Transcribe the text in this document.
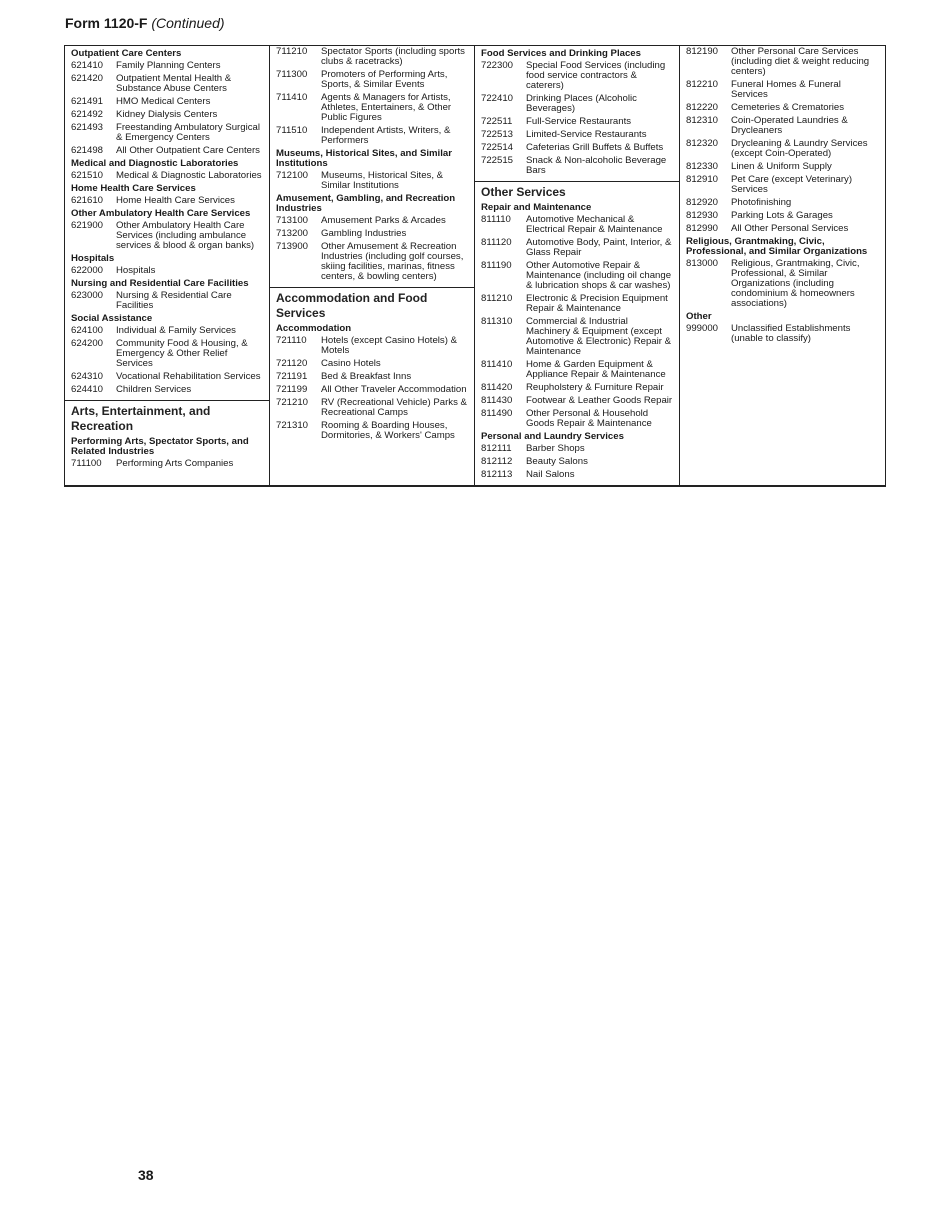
Form 1120-F (Continued)
Outpatient Care Centers
621410	Family Planning Centers
621420	Outpatient Mental Health & Substance Abuse Centers
621491	HMO Medical Centers
621492	Kidney Dialysis Centers
621493	Freestanding Ambulatory Surgical & Emergency Centers
621498	All Other Outpatient Care Centers
Medical and Diagnostic Laboratories
621510	Medical & Diagnostic Laboratories
Home Health Care Services
621610	Home Health Care Services
Other Ambulatory Health Care Services
621900	Other Ambulatory Health Care Services (including ambulance services & blood & organ banks)
Hospitals
622000	Hospitals
Nursing and Residential Care Facilities
623000	Nursing & Residential Care Facilities
Social Assistance
624100	Individual & Family Services
624200	Community Food & Housing, & Emergency & Other Relief Services
624310	Vocational Rehabilitation Services
624410	Children Services
Arts, Entertainment, and Recreation
Performing Arts, Spectator Sports, and Related Industries
711100	Performing Arts Companies
711210	Spectator Sports (including sports clubs & racetracks)
711300	Promoters of Performing Arts, Sports, & Similar Events
711410	Agents & Managers for Artists, Athletes, Entertainers, & Other Public Figures
711510	Independent Artists, Writers, & Performers
Museums, Historical Sites, and Similar Institutions
712100	Museums, Historical Sites, & Similar Institutions
Amusement, Gambling, and Recreation Industries
713100	Amusement Parks & Arcades
713200	Gambling Industries
713900	Other Amusement & Recreation Industries (including golf courses, skiing facilities, marinas, fitness centers, & bowling centers)
Accommodation and Food Services
Accommodation
721110	Hotels (except Casino Hotels) & Motels
721120	Casino Hotels
721191	Bed & Breakfast Inns
721199	All Other Traveler Accommodation
721210	RV (Recreational Vehicle) Parks & Recreational Camps
721310	Rooming & Boarding Houses, Dormitories, & Workers' Camps
Food Services and Drinking Places
722300	Special Food Services (including food service contractors & caterers)
722410	Drinking Places (Alcoholic Beverages)
722511	Full-Service Restaurants
722513	Limited-Service Restaurants
722514	Cafeterias Grill Buffets & Buffets
722515	Snack & Non-alcoholic Beverage Bars
Other Services
Repair and Maintenance
811110	Automotive Mechanical & Electrical Repair & Maintenance
811120	Automotive Body, Paint, Interior, & Glass Repair
811190	Other Automotive Repair & Maintenance (including oil change & lubrication shops & car washes)
811210	Electronic & Precision Equipment Repair & Maintenance
811310	Commercial & Industrial Machinery & Equipment (except Automotive & Electronic) Repair & Maintenance
811410	Home & Garden Equipment & Appliance Repair & Maintenance
811420	Reupholstery & Furniture Repair
811430	Footwear & Leather Goods Repair
811490	Other Personal & Household Goods Repair & Maintenance
Personal and Laundry Services
812111	Barber Shops
812112	Beauty Salons
812113	Nail Salons
812190	Other Personal Care Services (including diet & weight reducing centers)
812210	Funeral Homes & Funeral Services
812220	Cemeteries & Crematories
812310	Coin-Operated Laundries & Drycleaners
812320	Drycleaning & Laundry Services (except Coin-Operated)
812330	Linen & Uniform Supply
812910	Pet Care (except Veterinary) Services
812920	Photofinishing
812930	Parking Lots & Garages
812990	All Other Personal Services
Religious, Grantmaking, Civic, Professional, and Similar Organizations
813000	Religious, Grantmaking, Civic, Professional, & Similar Organizations (including condominium & homeowners associations)
Other
999000	Unclassified Establishments (unable to classify)
38
